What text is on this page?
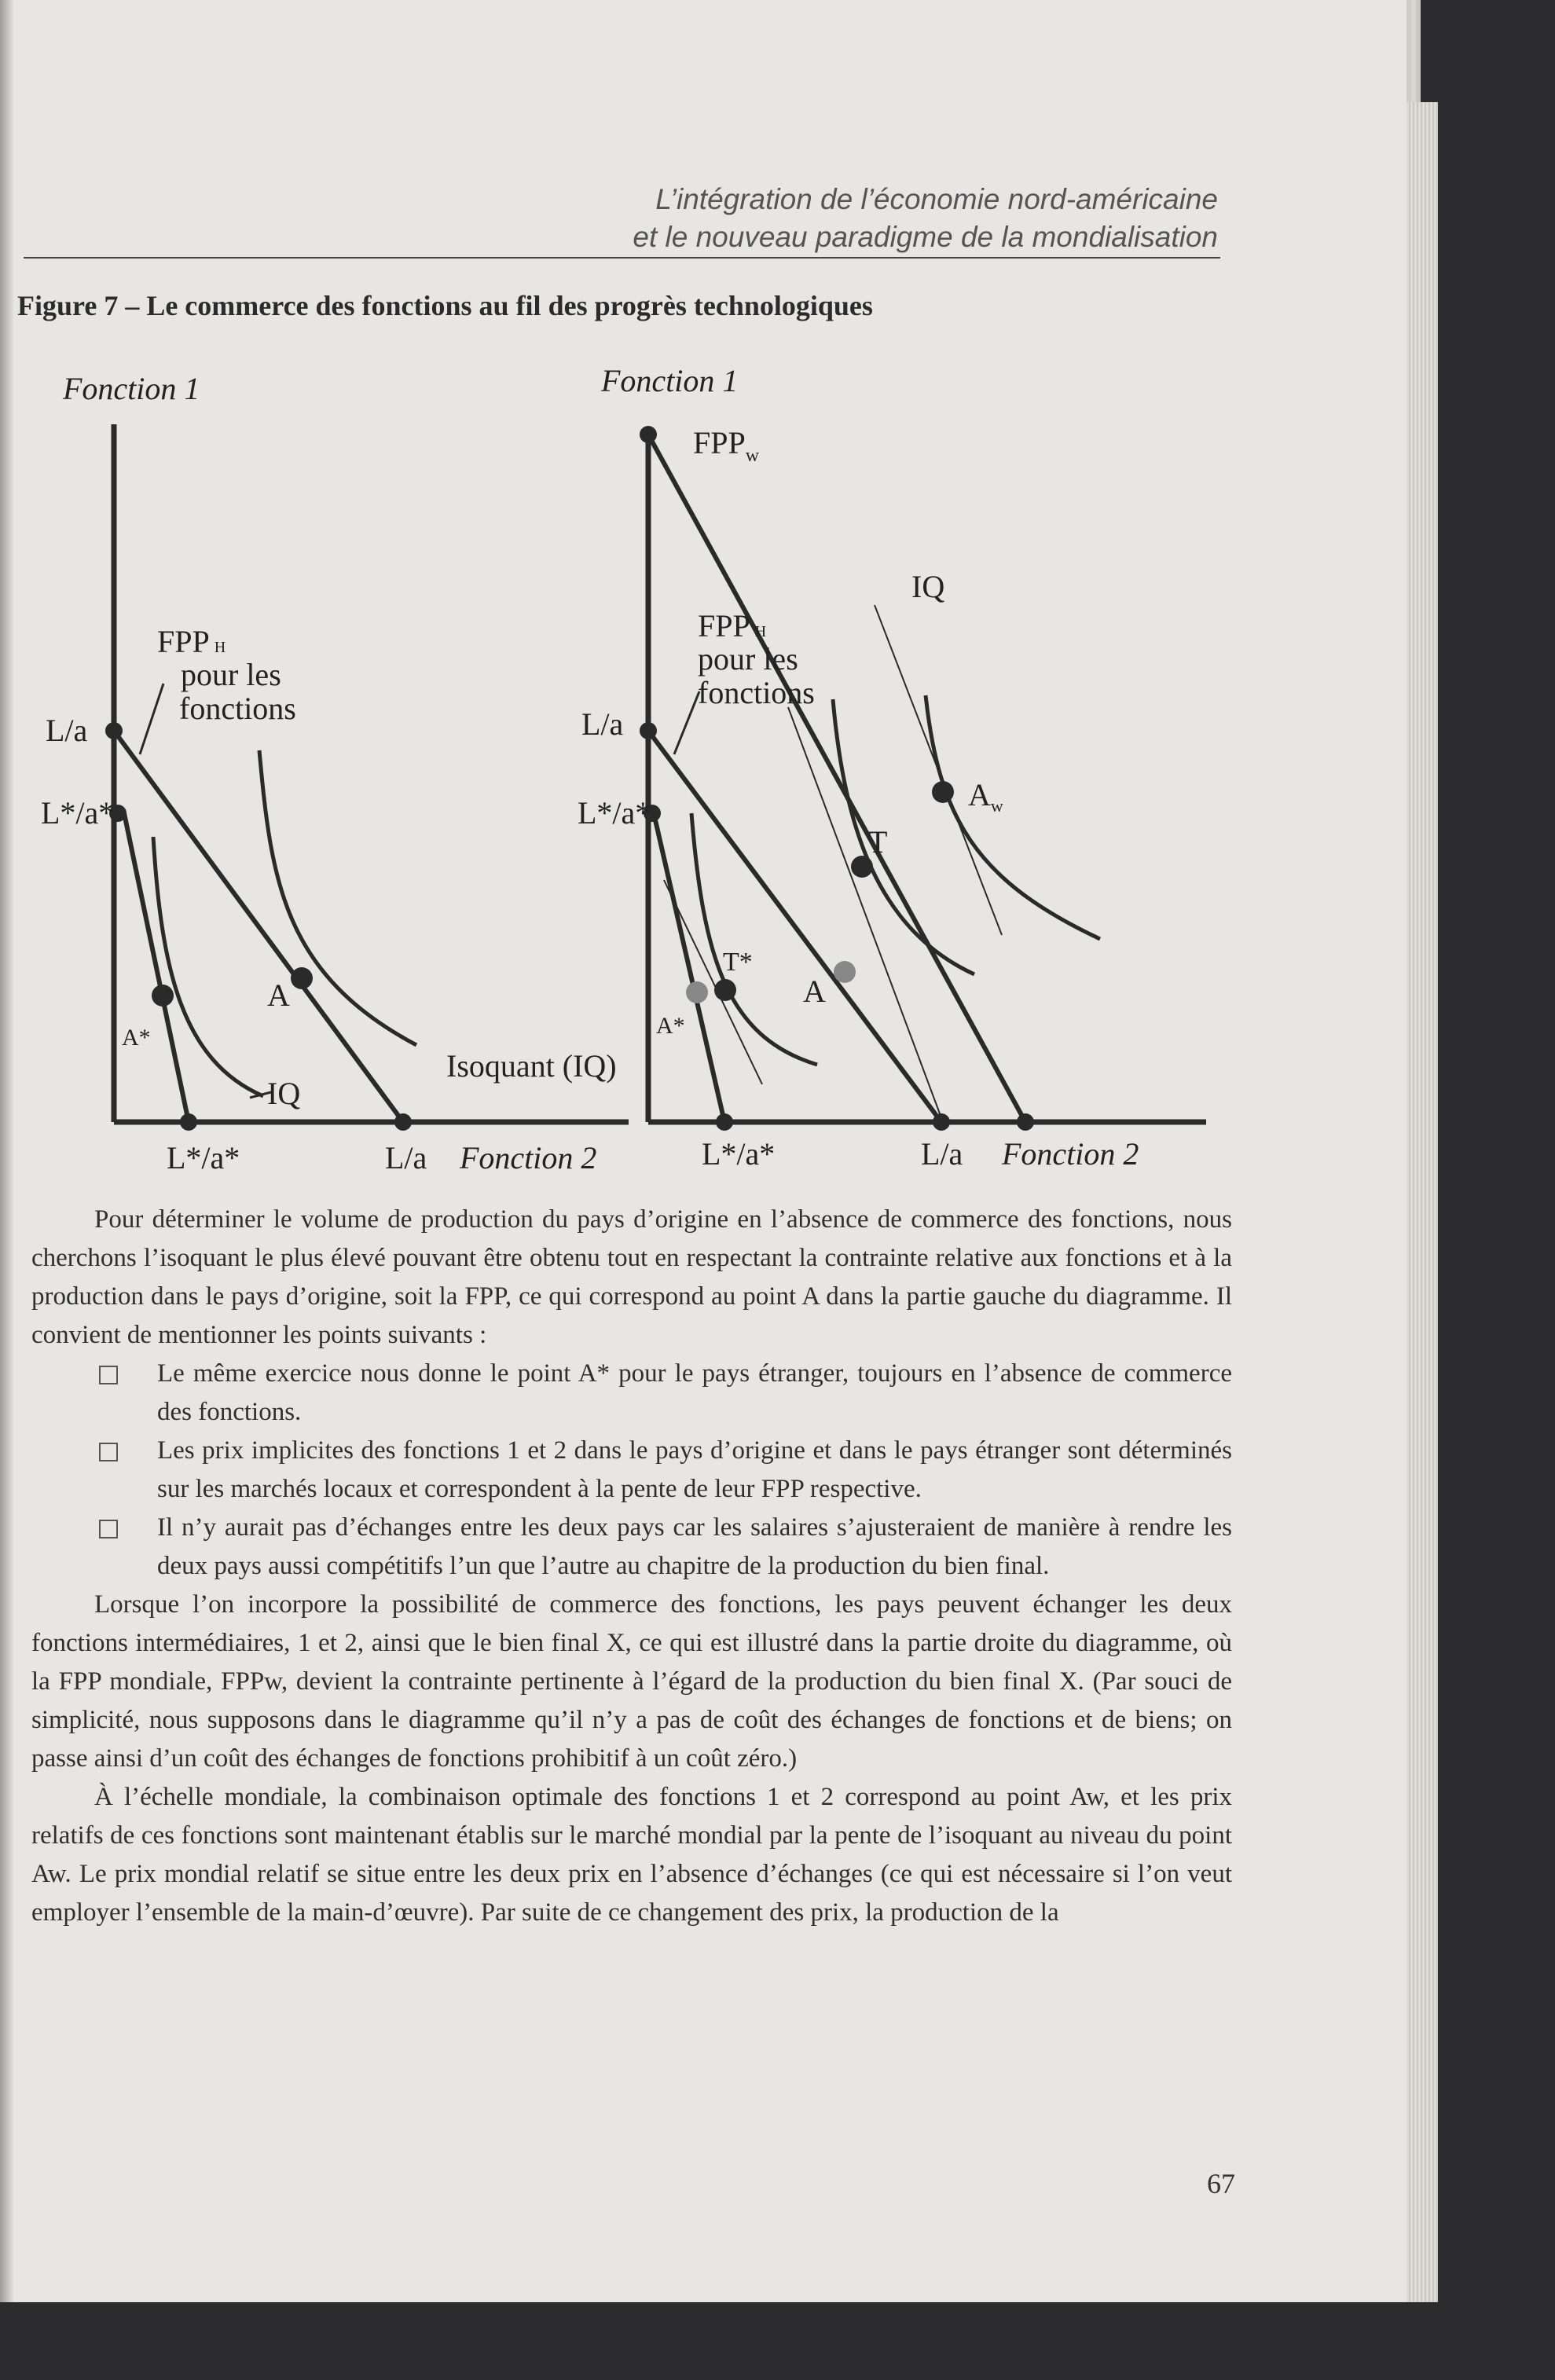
L’intégration de l’économie nord-américaine
et le nouveau paradigme de la mondialisation
Figure 7 – Le commerce des fonctions au fil des progrès technologiques
Fonction 1
Fonction 2
L/a
L*/a*
L/a
L*/a*
FPP H
pour les
fonctions
A
A*
IQ
Isoquant (IQ)
Fonction 1
Fonction 2
$FPP_w$
IQ
FPP H
pour les
fonctions
L/a
L*/a*
$A_w$
T
T*
A
A*
L*/a*	L/a

Pour déterminer le volume de production du pays d’origine en l’absence de commerce des fonctions, nous cherchons l’isoquant le plus élevé pouvant être obtenu tout en respectant la contrainte relative aux fonctions et à la production dans le pays d’origine, soit la FPP, ce qui correspond au point A dans la partie gauche du diagramme. Il convient de mentionner les points suivants :

Le même exercice nous donne le point A* pour le pays étranger, toujours en l’absence de commerce des fonctions.
Les prix implicites des fonctions 1 et 2 dans le pays d’origine et dans le pays étranger sont déterminés sur les marchés locaux et correspondent à la pente de leur FPP respective.
Il n’y aurait pas d’échanges entre les deux pays car les salaires s’ajusteraient de manière à rendre les deux pays aussi compétitifs l’un que l’autre au chapitre de la production du bien final.

Lorsque l’on incorpore la possibilité de commerce des fonctions, les pays peuvent échanger les deux fonctions intermédiaires, 1 et 2, ainsi que le bien final X, ce qui est illustré dans la partie droite du diagramme, où la FPP mondiale, FPPw, devient la contrainte pertinente à l’égard de la production du bien final X. (Par souci de simplicité, nous supposons dans le diagramme qu’il n’y a pas de coût des échanges de fonctions et de biens; on passe ainsi d’un coût des échanges de fonctions prohibitif à un coût zéro.)

À l’échelle mondiale, la combinaison optimale des fonctions 1 et 2 correspond au point Aw, et les prix relatifs de ces fonctions sont maintenant établis sur le marché mondial par la pente de l’isoquant au niveau du point Aw. Le prix mondial relatif se situe entre les deux prix en l’absence d’échanges (ce qui est nécessaire si l’on veut employer l’ensemble de la main-d’œuvre). Par suite de ce changement des prix, la production de la

67
